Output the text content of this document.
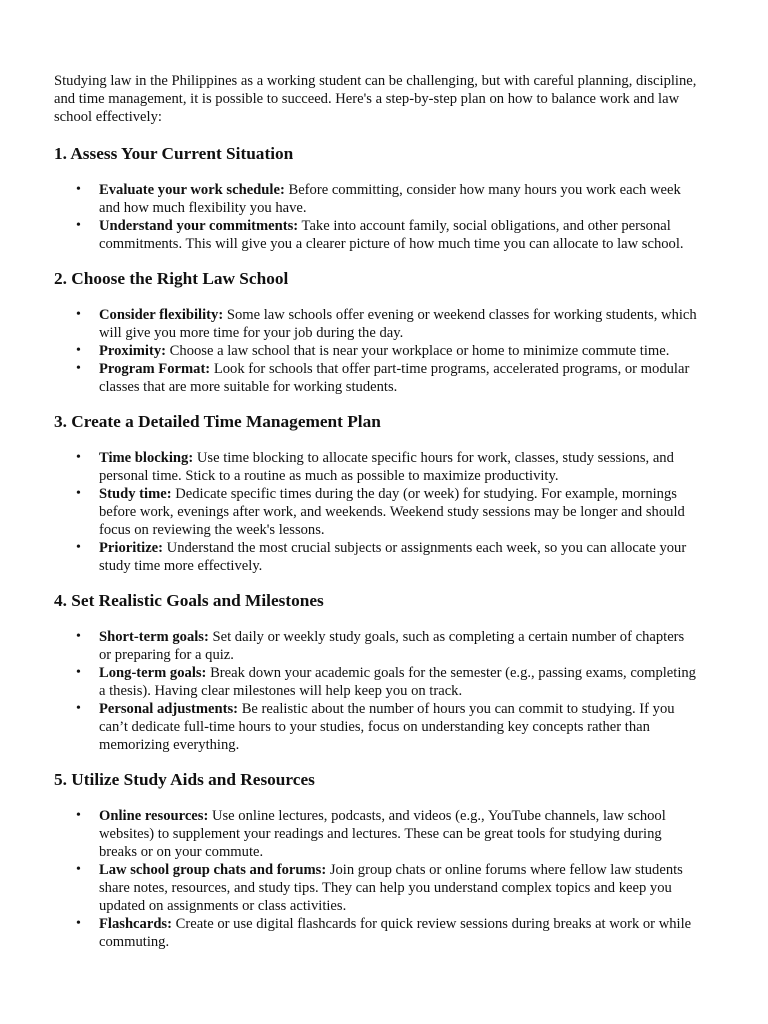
Studying law in the Philippines as a working student can be challenging, but with careful planning, discipline, and time management, it is possible to succeed. Here's a step-by-step plan on how to balance work and law school effectively:

1. Assess Your Current Situation
• Evaluate your work schedule: Before committing, consider how many hours you work each week and how much flexibility you have.
• Understand your commitments: Take into account family, social obligations, and other personal commitments. This will give you a clearer picture of how much time you can allocate to law school.
2. Choose the Right Law School
• Consider flexibility: Some law schools offer evening or weekend classes for working students, which will give you more time for your job during the day.
• Proximity: Choose a law school that is near your workplace or home to minimize commute time.
• Program Format: Look for schools that offer part-time programs, accelerated programs, or modular classes that are more suitable for working students.
3. Create a Detailed Time Management Plan
• Time blocking: Use time blocking to allocate specific hours for work, classes, study sessions, and personal time. Stick to a routine as much as possible to maximize productivity.
• Study time: Dedicate specific times during the day (or week) for studying. For example, mornings before work, evenings after work, and weekends. Weekend study sessions may be longer and should focus on reviewing the week's lessons.
• Prioritize: Understand the most crucial subjects or assignments each week, so you can allocate your study time more effectively.
4. Set Realistic Goals and Milestones
• Short-term goals: Set daily or weekly study goals, such as completing a certain number of chapters or preparing for a quiz.
• Long-term goals: Break down your academic goals for the semester (e.g., passing exams, completing a thesis). Having clear milestones will help keep you on track.
• Personal adjustments: Be realistic about the number of hours you can commit to studying. If you can’t dedicate full-time hours to your studies, focus on understanding key concepts rather than memorizing everything.
5. Utilize Study Aids and Resources
• Online resources: Use online lectures, podcasts, and videos (e.g., YouTube channels, law school websites) to supplement your readings and lectures. These can be great tools for studying during breaks or on your commute.
• Law school group chats and forums: Join group chats or online forums where fellow law students share notes, resources, and study tips. They can help you understand complex topics and keep you updated on assignments or class activities.
• Flashcards: Create or use digital flashcards for quick review sessions during breaks at work or while commuting.
